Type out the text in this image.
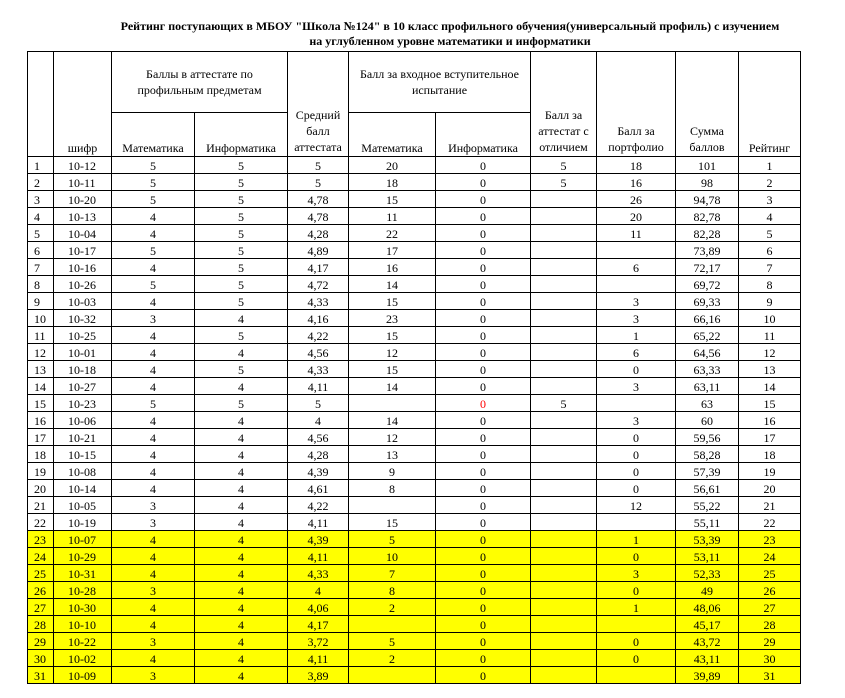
Рейтинг поступающих в МБОУ "Школа №124" в 10 класс профильного обучения(универсальный профиль) с изучением
на углубленном уровне математики и информатики
	шифр	Баллы в аттестате по профильным предметам		Средний балл аттестата	Балл за входное вступительное испытание		Балл за аттестат с отличием	Балл за портфолио	Сумма баллов	Рейтинг
		Математика	Информатика		Математика	Информатика				
1	10-12	5	5	5	20	0	5	18	101	1
2	10-11	5	5	5	18	0	5	16	98	2
3	10-20	5	5	4,78	15	0		26	94,78	3
4	10-13	4	5	4,78	11	0		20	82,78	4
5	10-04	4	5	4,28	22	0		11	82,28	5
6	10-17	5	5	4,89	17	0			73,89	6
7	10-16	4	5	4,17	16	0		6	72,17	7
8	10-26	5	5	4,72	14	0			69,72	8
9	10-03	4	5	4,33	15	0		3	69,33	9
10	10-32	3	4	4,16	23	0		3	66,16	10
11	10-25	4	5	4,22	15	0		1	65,22	11
12	10-01	4	4	4,56	12	0		6	64,56	12
13	10-18	4	5	4,33	15	0		0	63,33	13
14	10-27	4	4	4,11	14	0		3	63,11	14
15	10-23	5	5	5		0	5		63	15
16	10-06	4	4	4	14	0		3	60	16
17	10-21	4	4	4,56	12	0		0	59,56	17
18	10-15	4	4	4,28	13	0		0	58,28	18
19	10-08	4	4	4,39	9	0		0	57,39	19
20	10-14	4	4	4,61	8	0		0	56,61	20
21	10-05	3	4	4,22		0		12	55,22	21
22	10-19	3	4	4,11	15	0			55,11	22
23	10-07	4	4	4,39	5	0		1	53,39	23
24	10-29	4	4	4,11	10	0		0	53,11	24
25	10-31	4	4	4,33	7	0		3	52,33	25
26	10-28	3	4	4	8	0		0	49	26
27	10-30	4	4	4,06	2	0		1	48,06	27
28	10-10	4	4	4,17		0			45,17	28
29	10-22	3	4	3,72	5	0		0	43,72	29
30	10-02	4	4	4,11	2	0		0	43,11	30
31	10-09	3	4	3,89		0			39,89	31
